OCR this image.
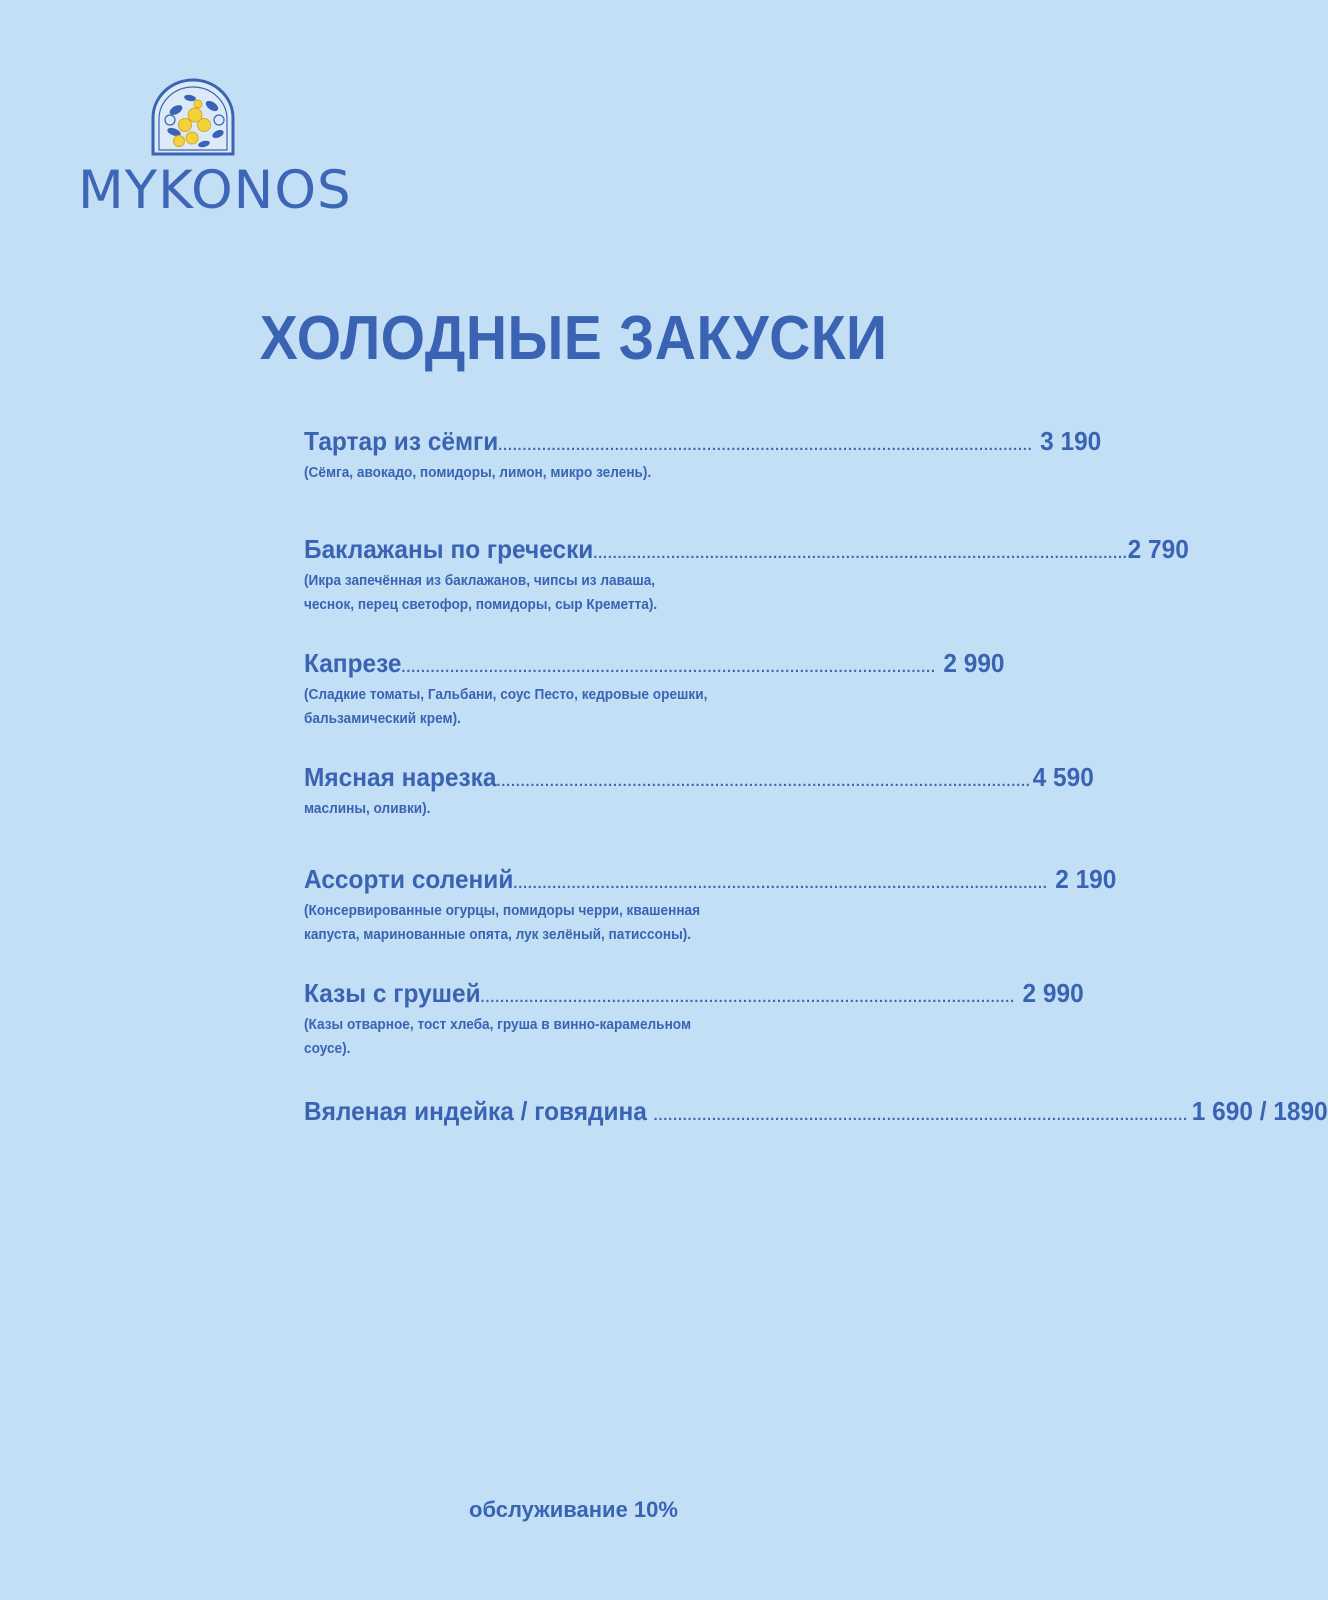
MYKONOS
ХОЛОДНЫЕ ЗАКУСКИ
Тартар из сёмги .............................................................................................................. 3 190
(Сёмга, авокадо, помидоры, лимон, микро зелень).
Баклажаны по гречески .............................................................................................................. 2 790
(Икра запечённая из баклажанов, чипсы из лаваша,
чеснок, перец светофор, помидоры, сыр Креметта).
Капрезе .............................................................................................................. 2 990
(Сладкие томаты, Гальбани, соус Песто, кедровые орешки,
бальзамический крем).
Мясная нарезка .............................................................................................................. 4 590
маслины, оливки).
Ассорти солений .............................................................................................................. 2 190
(Консервированные огурцы, помидоры черри, квашенная
капуста, маринованные опята, лук зелёный, патиссоны).
Казы с грушей .............................................................................................................. 2 990
(Казы отварное, тост хлеба, груша в винно-карамельном
соусе).
Вяленая индейка / говядина .............................................................................................................. 1 690 / 1890
обслуживание 10%
